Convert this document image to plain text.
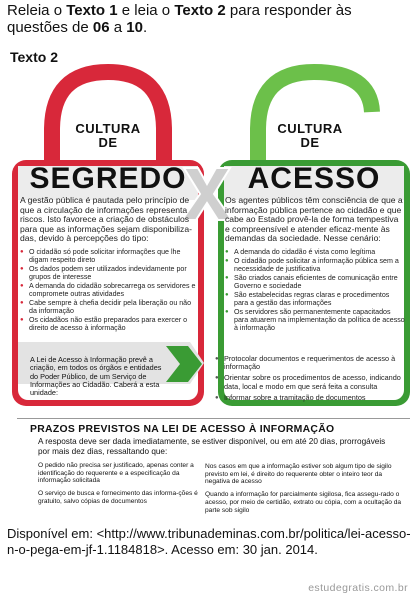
Releia o Texto 1 e leia o Texto 2 para responder às questões de 06 a 10.
Texto 2
CULTURA
DE
SEGREDO
CULTURA
DE
ACESSO

A gestão pública é pautada pelo princípio de que a circulação de informações representa riscos. Isto favorece a criação de obstáculos para que as informações sejam disponibiliza-das, devido à percepções do tipo:

● O cidadão só pode solicitar informações que lhe digam respeito direto
● Os dados podem ser utilizados indevidamente por grupos de interesse
● A demanda do cidadão sobrecarrega os servidores e compromete outras atividades
● Cabe sempre à chefia decidir pela liberação ou não da informação
● Os cidadãos não estão preparados para exercer o direito de acesso à informação

Os agentes públicos têm consciência de que a informação pública pertence ao cidadão e que cabe ao Estado provê-la de forma tempestiva e compreensível e atender eficaz-mente às demandas da sociedade. Nesse cenário:

● A demanda do cidadão é vista como legítima
● O cidadão pode solicitar a informação pública sem a necessidade de justificativa
● São criados canais eficientes de comunicação entre Governo e sociedade
● São estabelecidas regras claras e procedimentos para a gestão das informações
● Os servidores são permanentemente capacitados para atuarem na implementação da política de acesso à informação
A Lei de Acesso à Informação prevê a criação, em todos os órgãos e entidades do Poder Público, de um Serviço de Informações ao Cidadão. Caberá a esta unidade:
● Protocolar documentos e requerimentos de acesso à informação
● Orientar sobre os procedimentos de acesso, indicando data, local e modo em que será feita a consulta
● Informar sobre a tramitação de documentos
PRAZOS PREVISTOS NA LEI DE ACESSO À INFORMAÇÃO
A resposta deve ser dada imediatamente, se estiver disponível, ou em até 20 dias, prorrogáveis por mais dez dias, ressaltando que:

O pedido não precisa ser justificado, apenas conter a identificação do requerente e a especificação da informação solicitada

O serviço de busca e fornecimento das informa-ções é gratuito, salvo cópias de documentos

Nos casos em que a informação estiver sob algum tipo de sigilo previsto em lei, é direito do requerente obter o inteiro teor da negativa de acesso

Quando a informação for parcialmente sigilosa, fica assegu-rado o acesso, por meio de certidão, extrato ou cópia, com a ocultação da parte sob sigilo

Disponível em: <http://www.tribunademinas.com.br/politica/lei-acesso-n-o-pega-em-jf-1.1184818>. Acesso em: 30 jan. 2014.
estudegratis.com.br
